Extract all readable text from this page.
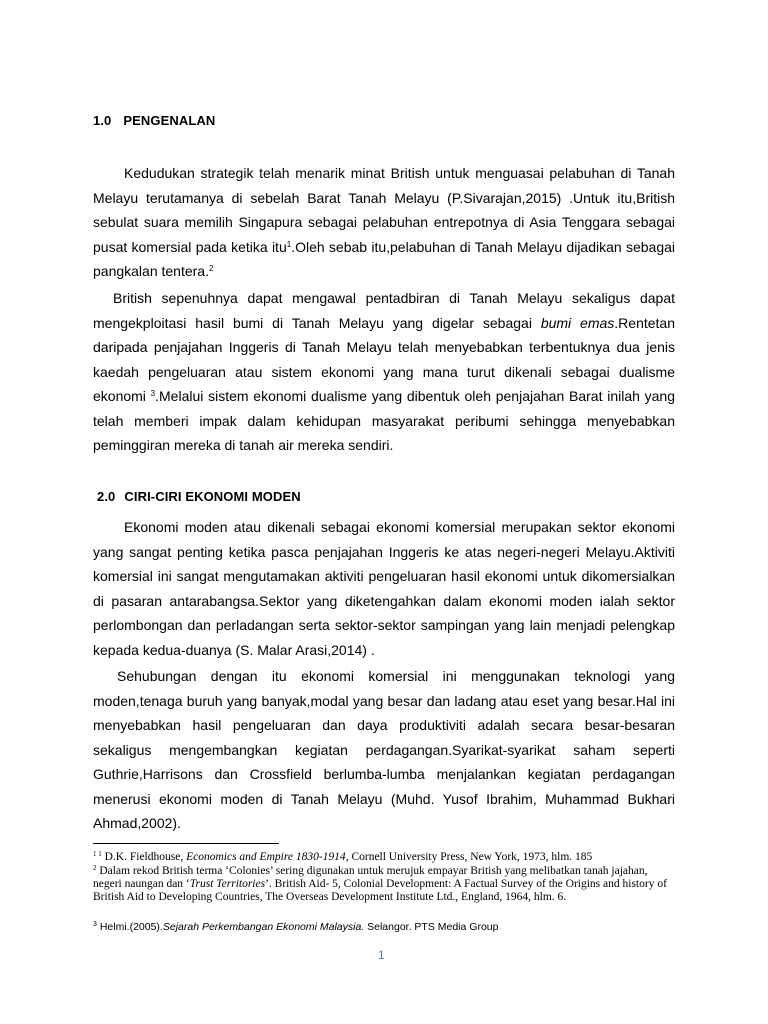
1.0 PENGENALAN

Kedudukan strategik telah menarik minat British untuk menguasai pelabuhan di Tanah Melayu terutamanya di sebelah Barat Tanah Melayu (P.Sivarajan,2015) .Untuk itu,British sebulat suara memilih Singapura sebagai pelabuhan entrepotnya di Asia Tenggara sebagai pusat komersial pada ketika itu$^1$.Oleh sebab itu,pelabuhan di Tanah Melayu dijadikan sebagai pangkalan tentera.$^2$

British sepenuhnya dapat mengawal pentadbiran di Tanah Melayu sekaligus dapat mengekploitasi hasil bumi di Tanah Melayu yang digelar sebagai bumi emas.Rentetan daripada penjajahan Inggeris di Tanah Melayu telah menyebabkan terbentuknya dua jenis kaedah pengeluaran atau sistem ekonomi yang mana turut dikenali sebagai dualisme ekonomi $^3$.Melalui sistem ekonomi dualisme yang dibentuk oleh penjajahan Barat inilah yang telah memberi impak dalam kehidupan masyarakat peribumi sehingga menyebabkan peminggiran mereka di tanah air mereka sendiri.

2.0 CIRI-CIRI EKONOMI MODEN

Ekonomi moden atau dikenali sebagai ekonomi komersial merupakan sektor ekonomi yang sangat penting ketika pasca penjajahan Inggeris ke atas negeri-negeri Melayu.Aktiviti komersial ini sangat mengutamakan aktiviti pengeluaran hasil ekonomi untuk dikomersialkan di pasaran antarabangsa.Sektor yang diketengahkan dalam ekonomi moden ialah sektor perlombongan dan perladangan serta sektor-sektor sampingan yang lain menjadi pelengkap kepada kedua-duanya (S. Malar Arasi,2014) .

Sehubungan dengan itu ekonomi komersial ini menggunakan teknologi yang moden,tenaga buruh yang banyak,modal yang besar dan ladang atau eset yang besar.Hal ini menyebabkan hasil pengeluaran dan daya produktiviti adalah secara besar-besaran sekaligus mengembangkan kegiatan perdagangan.Syarikat-syarikat saham seperti Guthrie,Harrisons dan Crossfield berlumba-lumba menjalankan kegiatan perdagangan menerusi ekonomi moden di Tanah Melayu (Muhd. Yusof Ibrahim, Muhammad Bukhari Ahmad,2002).

$^{1 1}$ D.K. Fieldhouse, Economics and Empire 1830-1914, Cornell University Press, New York, 1973, hlm. 185

$^2$ Dalam rekod British terma ‘Colonies’ sering digunakan untuk merujuk empayar British yang melibatkan tanah jajahan, negeri naungan dan ‘Trust Territories’. British Aid- 5, Colonial Development: A Factual Survey of the Origins and history of British Aid to Developing Countries, The Overseas Development Institute Ltd., England, 1964, hlm. 6.

$^3$ Helmi.(2005).Sejarah Perkembangan Ekonomi Malaysia. Selangor. PTS Media Group

1
